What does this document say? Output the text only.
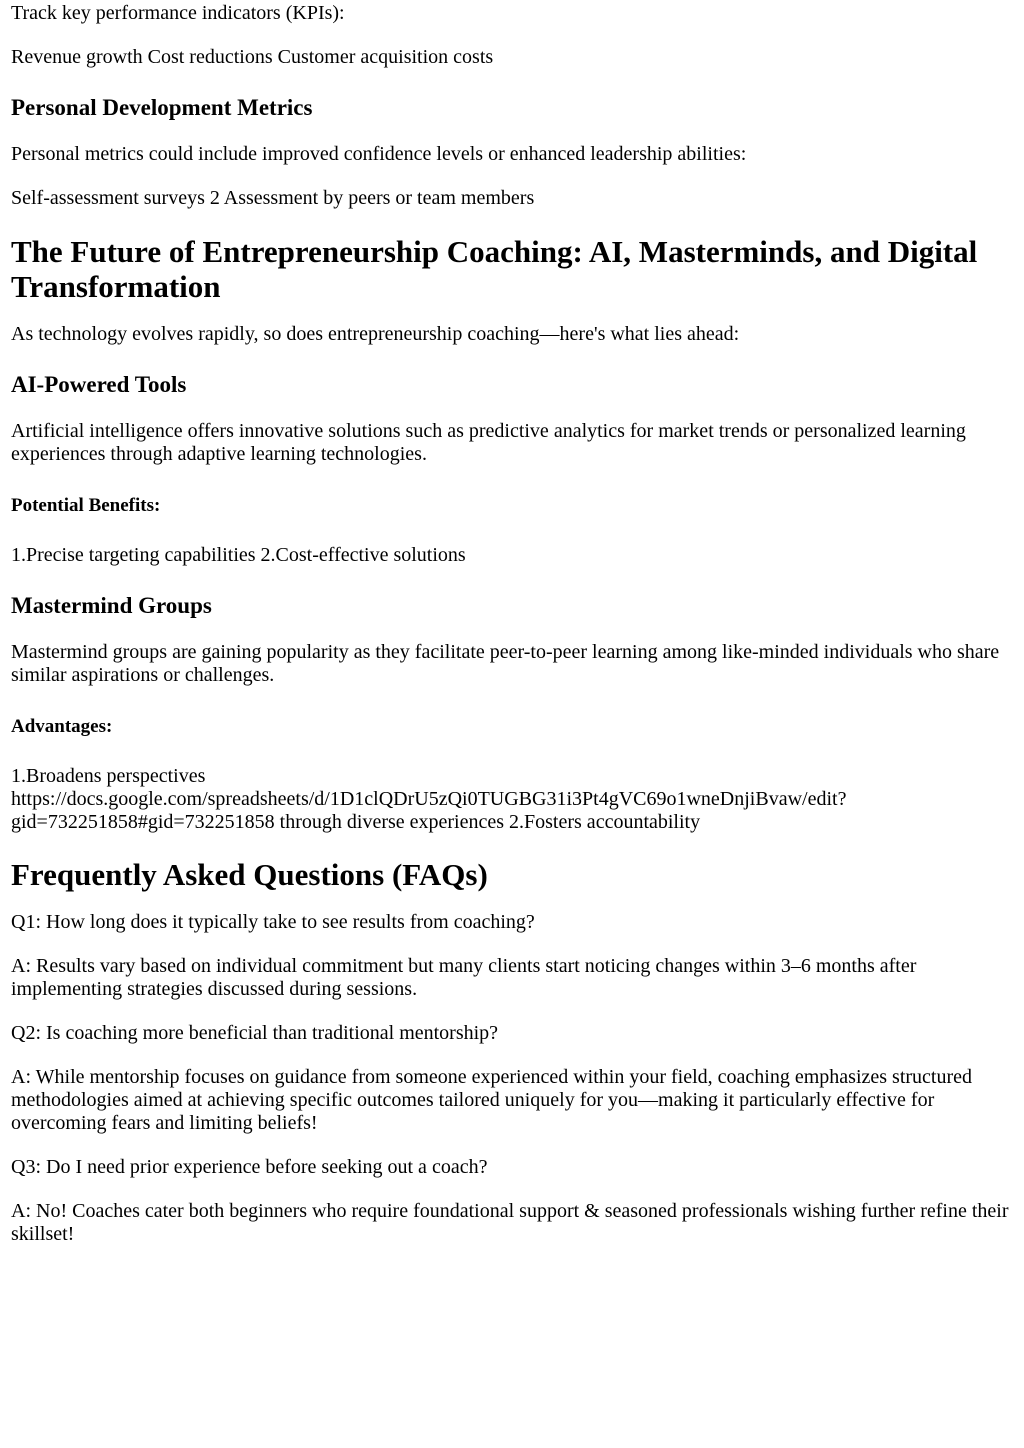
Track key performance indicators (KPIs):

Revenue growth Cost reductions Customer acquisition costs

Personal Development Metrics

Personal metrics could include improved confidence levels or enhanced leadership abilities:

Self-assessment surveys 2 Assessment by peers or team members

The Future of Entrepreneurship Coaching: AI, Masterminds, and Digital Transformation

As technology evolves rapidly, so does entrepreneurship coaching—here's what lies ahead:

AI-Powered Tools

Artificial intelligence offers innovative solutions such as predictive analytics for market trends or personalized learning experiences through adaptive learning technologies.

Potential Benefits:

1.Precise targeting capabilities 2.Cost-effective solutions

Mastermind Groups

Mastermind groups are gaining popularity as they facilitate peer-to-peer learning among like-minded individuals who share similar aspirations or challenges.

Advantages:

1.Broadens perspectives
https://docs.google.com/spreadsheets/d/1D1clQDrU5zQi0TUGBG31i3Pt4gVC69o1wneDnjiBvaw/edit?gid=732251858#gid=732251858 through diverse experiences 2.Fosters accountability

Frequently Asked Questions (FAQs)

Q1: How long does it typically take to see results from coaching?

A: Results vary based on individual commitment but many clients start noticing changes within 3–6 months after implementing strategies discussed during sessions.

Q2: Is coaching more beneficial than traditional mentorship?

A: While mentorship focuses on guidance from someone experienced within your field, coaching emphasizes structured methodologies aimed at achieving specific outcomes tailored uniquely for you—making it particularly effective for overcoming fears and limiting beliefs!

Q3: Do I need prior experience before seeking out a coach?

A: No! Coaches cater both beginners who require foundational support & seasoned professionals wishing further refine their skillset!
